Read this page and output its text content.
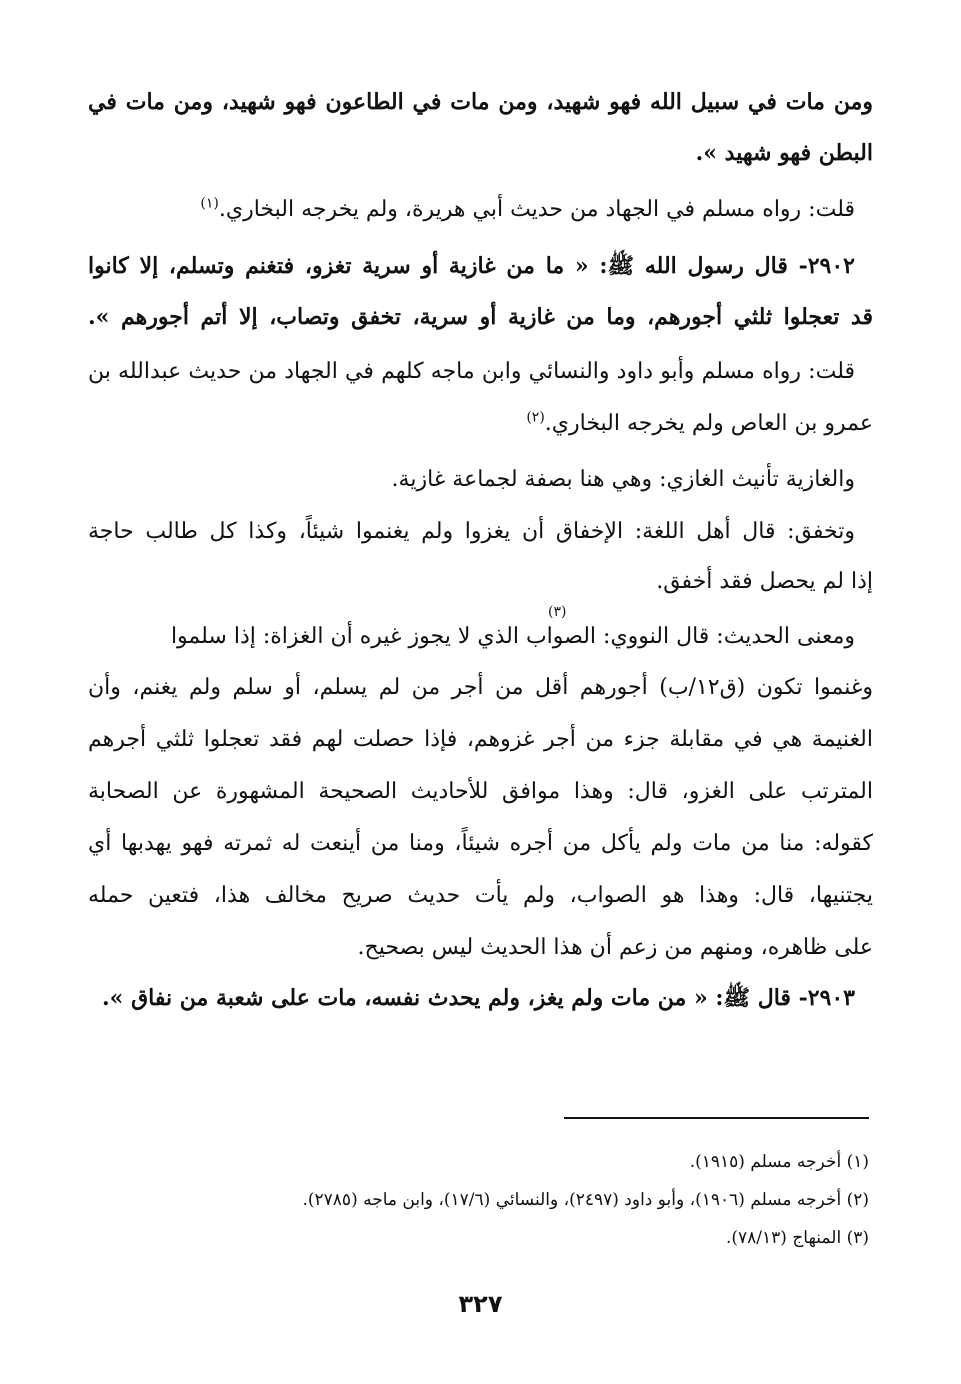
ومن مات في سبيل الله فهو شهيد، ومن مات في الطاعون فهو شهيد، ومن مات في
البطن فهو شهيد ».
قلت: رواه مسلم في الجهاد من حديث أبي هريرة، ولم يخرجه البخاري.$^{(١)}$
٢٩٠٢- قال رسول الله ﷺ: « ما من غازية أو سرية تغزو، فتغنم وتسلم، إلا كانوا
قد تعجلوا ثلثي أجورهم، وما من غازية أو سرية، تخفق وتصاب، إلا أتم أجورهم ».
قلت: رواه مسلم وأبو داود والنسائي وابن ماجه كلهم في الجهاد من حديث عبدالله بن
عمرو بن العاص ولم يخرجه البخاري.$^{(٢)}$
والغازية تأنيث الغازي: وهي هنا بصفة لجماعة غازية.
وتخفق: قال أهل اللغة: الإخفاق أن يغزوا ولم يغنموا شيئاً، وكذا كل طالب حاجة
إذا لم يحصل فقد أخفق.
ومعنى الحديث: قال النووي: الصواب الذي لا يجوز غيره أن الغزاة: إذا سلموا
(٣)
وغنموا تكون (ق١٢/ب) أجورهم أقل من أجر من لم يسلم، أو سلم ولم يغنم، وأن
الغنيمة هي في مقابلة جزء من أجر غزوهم، فإذا حصلت لهم فقد تعجلوا ثلثي أجرهم
المترتب على الغزو، قال: وهذا موافق للأحاديث الصحيحة المشهورة عن الصحابة
كقوله: منا من مات ولم يأكل من أجره شيئاً، ومنا من أينعت له ثمرته فهو يهدبها أي
يجتنيها، قال: وهذا هو الصواب، ولم يأت حديث صريح مخالف هذا، فتعين حمله
على ظاهره، ومنهم من زعم أن هذا الحديث ليس بصحيح.
٢٩٠٣- قال ﷺ: « من مات ولم يغز، ولم يحدث نفسه، مات على شعبة من نفاق ».
(١) أخرجه مسلم (١٩١٥).
(٢) أخرجه مسلم (١٩٠٦)، وأبو داود (٢٤٩٧)، والنسائي (١٧/٦)، وابن ماجه (٢٧٨٥).
(٣) المنهاج (٧٨/١٣).
٣٢٧
